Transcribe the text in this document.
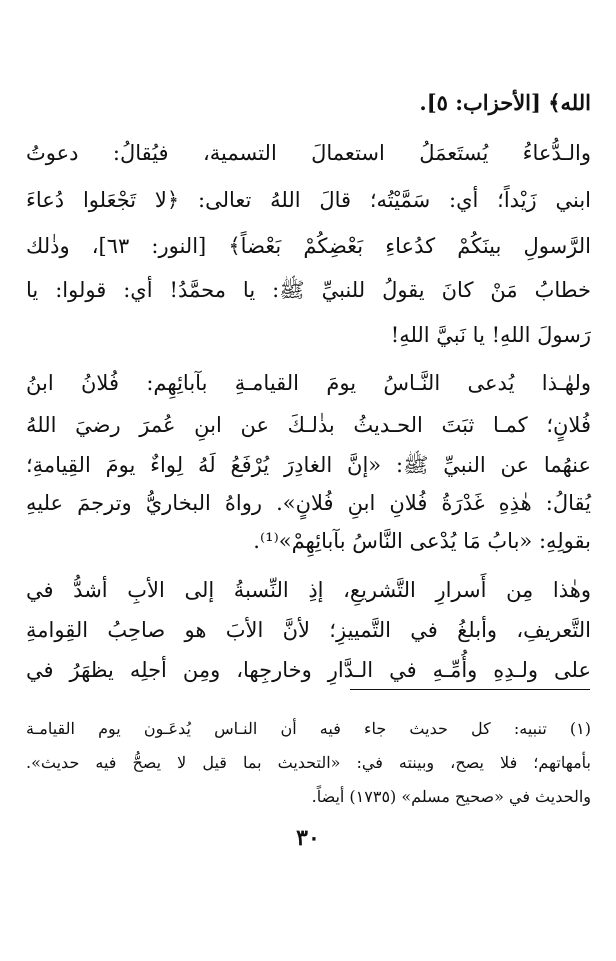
الله﴾ [الأحزاب: ٥].
والـدُّعاءُ يُستَعمَلُ استعمالَ التسمية، فيُقالُ: دعوتُ
ابني زَيْداً؛ أي: سَمَّيْتُه؛ قالَ اللهُ تعالى: ﴿لا تَجْعَلوا دُعاءَ
الرَّسولِ بينَكُمْ كدُعاءِ بَعْضِكُمْ بَعْضاً﴾ [النور: ٦٣]، وذٰلك
خطابُ مَنْ كانَ يقولُ للنبيِّ ﷺ: يا محمَّدُ! أي: قولوا: يا
رَسولَ اللهِ! يا نَبيَّ اللهِ!
ولهٰـذا يُدعى النَّـاسُ يومَ القيامـةِ بآبائِهِم: فُلانُ ابنُ
فُلانٍ؛ كمـا ثبَتَ الحـديثُ بذٰلـكَ عن ابنِ عُمرَ رضيَ اللهُ
عنهُما عن النبيِّ ﷺ: «إنَّ الغادِرَ يُرْفَعُ لَهُ لِواءٌ يومَ القِيامةِ؛
يُقالُ: هٰذِهِ غَدْرَةُ فُلانِ ابنِ فُلانٍ». رواهُ البخاريُّ وترجمَ عليهِ
بقولِهِ: «بابُ مَا يُدْعى النَّاسُ بآبائِهِمْ»⁽¹⁾.
وهٰذا مِن أَسرارِ التَّشريعِ، إذِ النِّسبةُ إلى الأبِ أشدُّ في
التَّعريفِ، وأبلغُ في التَّمييزِ؛ لأنَّ الأبَ هو صاحِبُ القِوامةِ
على ولـدِهِ وأُمِّـهِ في الـدَّارِ وخارجِها، ومِن أجلِه يظهَرُ في
(١) تنبيه: كل حديث جاء فيه أن النـاس يُدعَـون يوم القيامـة
بأمهاتهم؛ فلا يصح، وبينته في: «التحديث بما قيل لا يصحُّ فيه حديث».
والحديث في «صحيح مسلم» (١٧٣٥) أيضاً.
٣٠
